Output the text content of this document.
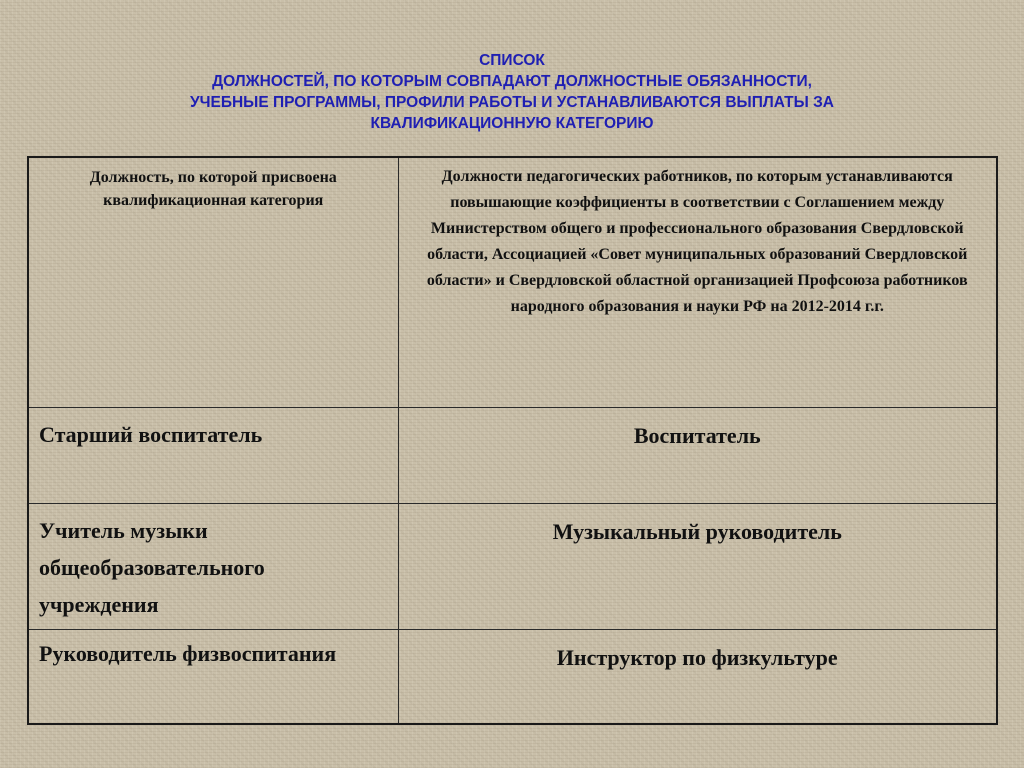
СПИСОК
ДОЛЖНОСТЕЙ, ПО КОТОРЫМ СОВПАДАЮТ ДОЛЖНОСТНЫЕ ОБЯЗАННОСТИ,
УЧЕБНЫЕ ПРОГРАММЫ, ПРОФИЛИ РАБОТЫ И УСТАНАВЛИВАЮТСЯ ВЫПЛАТЫ ЗА
КВАЛИФИКАЦИОННУЮ КАТЕГОРИЮ
Должность, по которой присвоена квалификационная категория	Должности педагогических работников, по которым устанавливаются повышающие коэффициенты в соответствии с Соглашением между Министерством общего и профессионального образования Свердловской области, Ассоциацией «Совет муниципальных образований Свердловской области» и Свердловской областной организацией Профсоюза работников народного образования и науки РФ на 2012-2014 г.г.
Старший воспитатель	Воспитатель
Учитель музыки общеобразовательного учреждения	Музыкальный руководитель
Руководитель физвоспитания	Инструктор по физкультуре
